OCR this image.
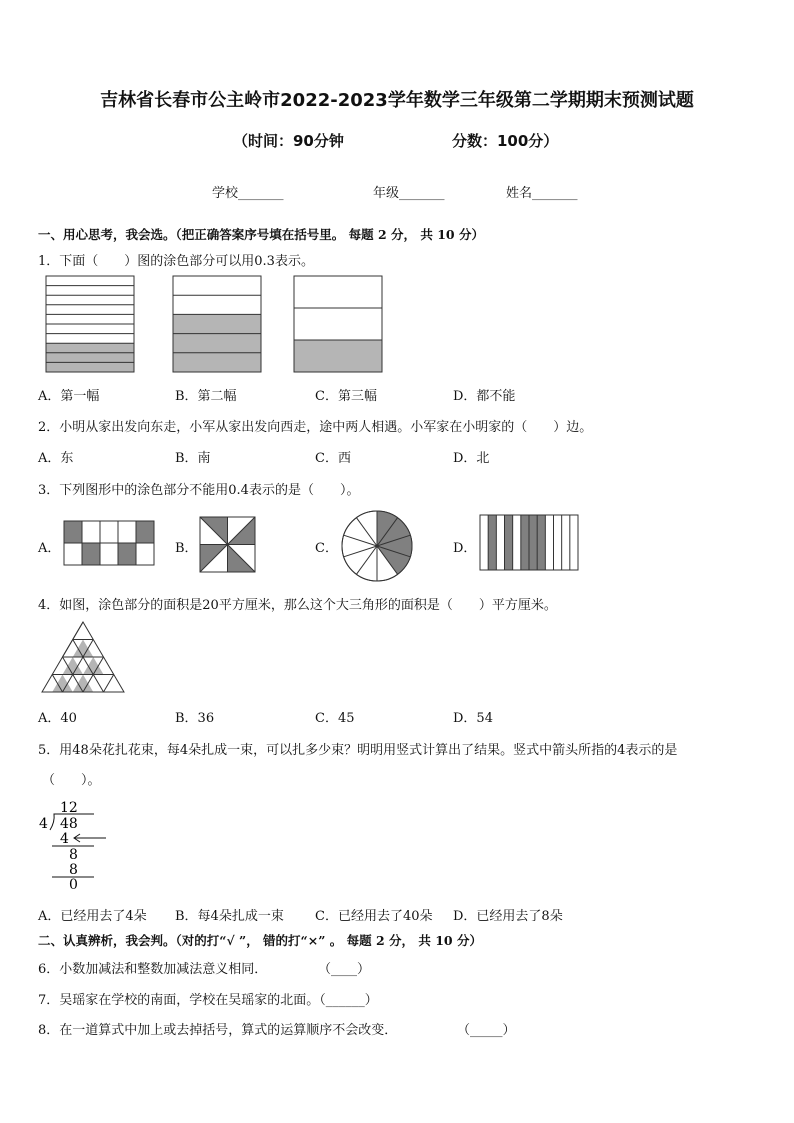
吉林省长春市公主岭市2022-2023学年数学三年级第二学期期末预测试题
（时间：90分钟	分数：100分）
学校_______	年级_______	姓名_______
一、用心思考，我会选。（把正确答案序号填在括号里。 每题 2 分， 共 10 分）
1．下面（　　）图的涂色部分可以用0.3表示。
A．第一幅	B．第二幅	C．第三幅	D．都不能
2．小明从家出发向东走，小军从家出发向西走，途中两人相遇。小军家在小明家的（　　）边。
A．东	B．南	C．西	D．北
3．下列图形中的涂色部分不能用0.4表示的是（　　）。
A．	B．	C．	D．
4．如图，涂色部分的面积是20平方厘米，那么这个大三角形的面积是（　　）平方厘米。
A．40	B．36	C．45	D．54
5．用48朵花扎花束，每4朵扎成一束，可以扎多少束？明明用竖式计算出了结果。竖式中箭头所指的4表示的是
（　　）。
12
4 48
4
8
8
0
A．已经用去了4朵 B．每4朵扎成一束 C．已经用去了40朵 D．已经用去了8朵
二、认真辨析，我会判。（对的打“√ ”， 错的打“×” 。 每题 2 分， 共 10 分）
6．小数加减法和整数加减法意义相同．	（____）
7．吴瑶家在学校的南面，学校在吴瑶家的北面。（______）
8．在一道算式中加上或去掉括号，算式的运算顺序不会改变．	（_____）
